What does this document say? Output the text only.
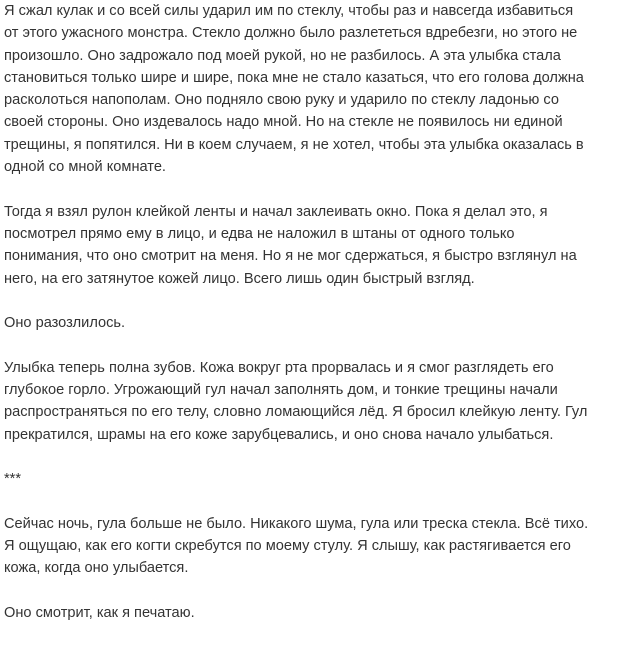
Я сжал кулак и со всей силы ударил им по стеклу, чтобы раз и навсегда избавиться
от этого ужасного монстра. Стекло должно было разлететься вдребезги, но этого не
произошло. Оно задрожало под моей рукой, но не разбилось. А эта улыбка стала
становиться только шире и шире, пока мне не стало казаться, что его голова должна
расколоться напополам. Оно подняло свою руку и ударило по стеклу ладонью со
своей стороны. Оно издевалось надо мной. Но на стекле не появилось ни единой
трещины, я попятился. Ни в коем случаем, я не хотел, чтобы эта улыбка оказалась в
одной со мной комнате.

Тогда я взял рулон клейкой ленты и начал заклеивать окно. Пока я делал это, я
посмотрел прямо ему в лицо, и едва не наложил в штаны от одного только
понимания, что оно смотрит на меня. Но я не мог сдержаться, я быстро взглянул на
него, на его затянутое кожей лицо. Всего лишь один быстрый взгляд.

Оно разозлилось.

Улыбка теперь полна зубов. Кожа вокруг рта прорвалась и я смог разглядеть его
глубокое горло. Угрожающий гул начал заполнять дом, и тонкие трещины начали
распространяться по его телу, словно ломающийся лёд. Я бросил клейкую ленту. Гул
прекратился, шрамы на его коже зарубцевались, и оно снова начало улыбаться.

***

Сейчас ночь, гула больше не было. Никакого шума, гула или треска стекла. Всё тихо.
Я ощущаю, как его когти скребутся по моему стулу. Я слышу, как растягивается его
кожа, когда оно улыбается.

Оно смотрит, как я печатаю.
